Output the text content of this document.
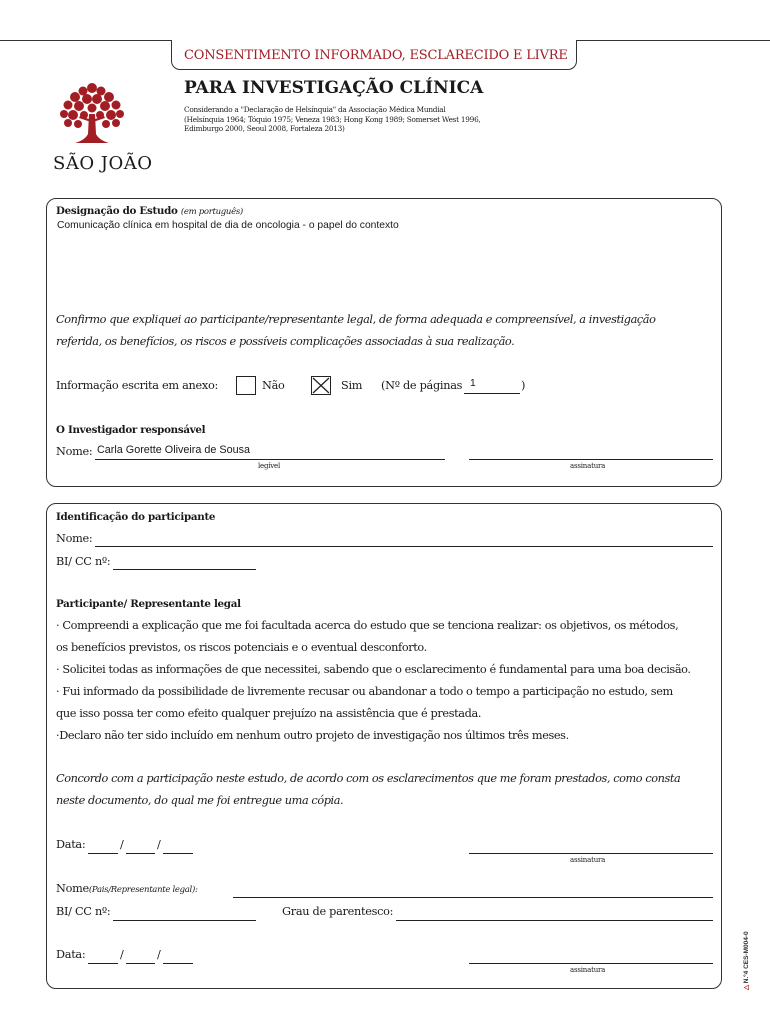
CONSENTIMENTO INFORMADO, ESCLARECIDO E LIVRE
PARA INVESTIGAÇÃO CLÍNICA
Considerando a "Declaração de Helsínquia" da Associação Médica Mundial (Helsínquia 1964; Tóquio 1975; Veneza 1983; Hong Kong 1989; Somerset West 1996, Edimburgo 2000, Seoul 2008, Fortaleza 2013)
SÃO JOÃO
Designação do Estudo (em português)
Comunicação clínica em hospital de dia de oncologia - o papel do contexto
Confirmo que expliquei ao participante/representante legal, de forma adequada e compreensível, a investigação
referida, os benefícios, os riscos e possíveis complicações associadas à sua realização.
Informação escrita em anexo:	Não	Sim (Nº de páginas 1	)
O Investigador responsável
Nome: Carla Gorette Oliveira de Sousa
legível	assinatura
Identificação do participante
Nome:
BI/ CC nº:
Participante/ Representante legal
· Compreendi a explicação que me foi facultada acerca do estudo que se tenciona realizar: os objetivos, os métodos,
os benefícios previstos, os riscos potenciais e o eventual desconforto.
· Solicitei todas as informações de que necessitei, sabendo que o esclarecimento é fundamental para uma boa decisão.
· Fui informado da possibilidade de livremente recusar ou abandonar a todo o tempo a participação no estudo, sem
que isso possa ter como efeito qualquer prejuízo na assistência que é prestada.
·Declaro não ter sido incluído em nenhum outro projeto de investigação nos últimos três meses.
Concordo com a participação neste estudo, de acordo com os esclarecimentos que me foram prestados, como consta
neste documento, do qual me foi entregue uma cópia.
Data:	/	/
assinatura
Nome(Pais/Representante legal):
BI/ CC nº:	Grau de parentesco:
Data:	/	/
assinatura
△ N.º4 CES-M004-0
